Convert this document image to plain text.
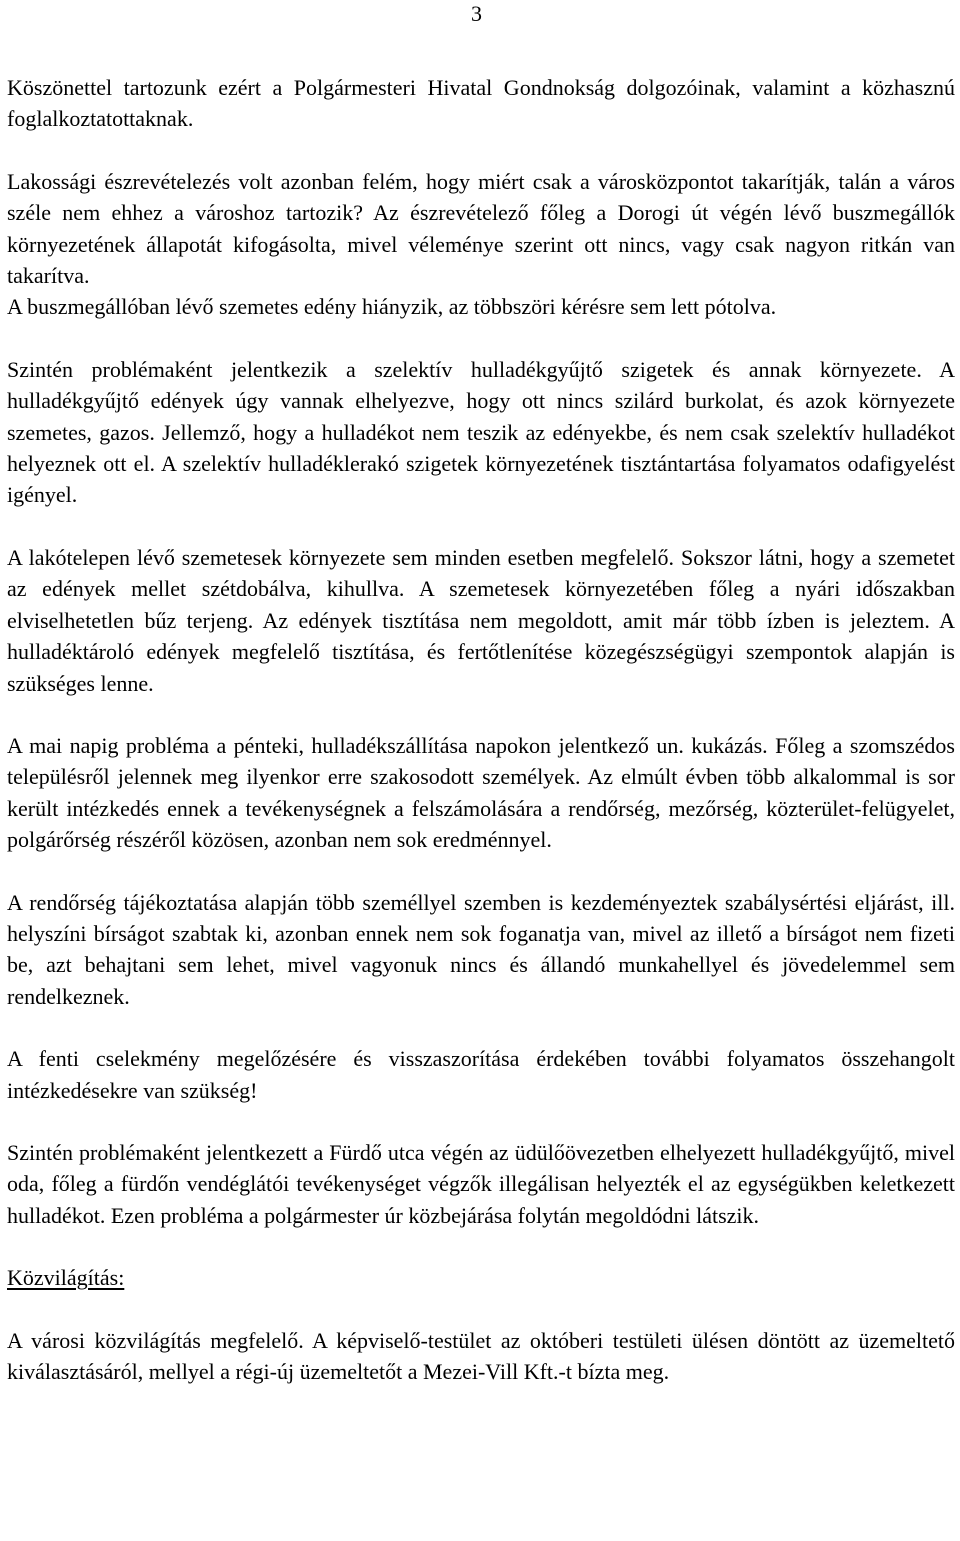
3

Köszönettel tartozunk ezért a Polgármesteri Hivatal Gondnokság dolgozóinak, valamint a közhasznú foglalkoztatottaknak.

Lakossági észrevételezés volt azonban felém, hogy miért csak a városközpontot takarítják, talán a város széle nem ehhez a városhoz tartozik? Az észrevételező főleg a Dorogi út végén lévő buszmegállók környezetének állapotát kifogásolta, mivel véleménye szerint ott nincs, vagy csak nagyon ritkán van takarítva.

A buszmegállóban lévő szemetes edény hiányzik, az többszöri kérésre sem lett pótolva.

Szintén problémaként jelentkezik a szelektív hulladékgyűjtő szigetek és annak környezete. A hulladékgyűjtő edények úgy vannak elhelyezve, hogy ott nincs szilárd burkolat, és azok környezete szemetes, gazos. Jellemző, hogy a hulladékot nem teszik az edényekbe, és nem csak szelektív hulladékot helyeznek ott el. A szelektív hulladéklerakó szigetek környezetének tisztántartása folyamatos odafigyelést igényel.

A lakótelepen lévő szemetesek környezete sem minden esetben megfelelő. Sokszor látni, hogy a szemetet az edények mellet szétdobálva, kihullva. A szemetesek környezetében főleg a nyári időszakban elviselhetetlen bűz terjeng. Az edények tisztítása nem megoldott, amit már több ízben is jeleztem. A hulladéktároló edények megfelelő tisztítása, és fertőtlenítése közegészségügyi szempontok alapján is szükséges lenne.

A mai napig probléma a pénteki, hulladékszállítása napokon jelentkező un. kukázás. Főleg a szomszédos településről jelennek meg ilyenkor erre szakosodott személyek. Az elmúlt évben több alkalommal is sor került intézkedés ennek a tevékenységnek a felszámolására a rendőrség, mezőrség, közterület-felügyelet, polgárőrség részéről közösen, azonban nem sok eredménnyel.

A rendőrség tájékoztatása alapján több személlyel szemben is kezdeményeztek szabálysértési eljárást, ill. helyszíni bírságot szabtak ki, azonban ennek nem sok foganatja van, mivel az illető a bírságot nem fizeti be, azt behajtani sem lehet, mivel vagyonuk nincs és állandó munkahellyel és jövedelemmel sem rendelkeznek.

A fenti cselekmény megelőzésére és visszaszorítása érdekében további folyamatos összehangolt intézkedésekre van szükség!

Szintén problémaként jelentkezett a Fürdő utca végén az üdülőövezetben elhelyezett hulladékgyűjtő, mivel oda, főleg a fürdőn vendéglátói tevékenységet végzők illegálisan helyezték el az egységükben keletkezett hulladékot. Ezen probléma a polgármester úr közbejárása folytán megoldódni látszik.

Közvilágítás:

A városi közvilágítás megfelelő. A képviselő-testület az októberi testületi ülésen döntött az üzemeltető kiválasztásáról, mellyel a régi-új üzemeltetőt a Mezei-Vill Kft.-t bízta meg.
